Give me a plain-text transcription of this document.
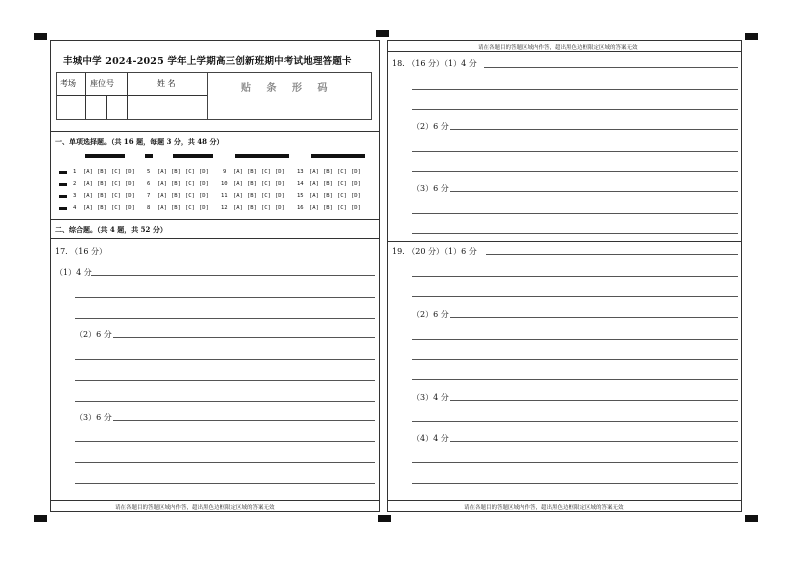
丰城中学 2024-2025 学年上学期高三创新班期中考试地理答题卡
考场 座位号	姓 名	贴 条 形 码
一、单项选择题。（共 16 题，每题 3 分，共 48 分）
1 [A] [B] [C] [D] 5 [A] [B] [C] [D]	9 [A] [B] [C] [D] 13 [A] [B] [C] [D]
2 [A] [B] [C] [D] 6 [A] [B] [C] [D] 10 [A] [B] [C] [D] 14 [A] [B] [C] [D]
3 [A] [B] [C] [D] 7 [A] [B] [C] [D] 11 [A] [B] [C] [D] 15 [A] [B] [C] [D]
4 [A] [B] [C] [D] 8 [A] [B] [C] [D] 12 [A] [B] [C] [D] 16 [A] [B] [C] [D]
二、综合题。（共 4 题，共 52 分）
17. （16 分）
（1）4 分
（2）6 分
（3）6 分
请在各题目的答题区域内作答，超出黑色边框限定区域的答案无效
请在各题目的答题区域内作答，超出黑色边框限定区域的答案无效
18. （16 分）（1）4 分
（2）6 分
（3）6 分
19. （20 分）（1）6 分
（2）6 分
（3）4 分
（4）4 分
请在各题目的答题区域内作答，超出黑色边框限定区域的答案无效
